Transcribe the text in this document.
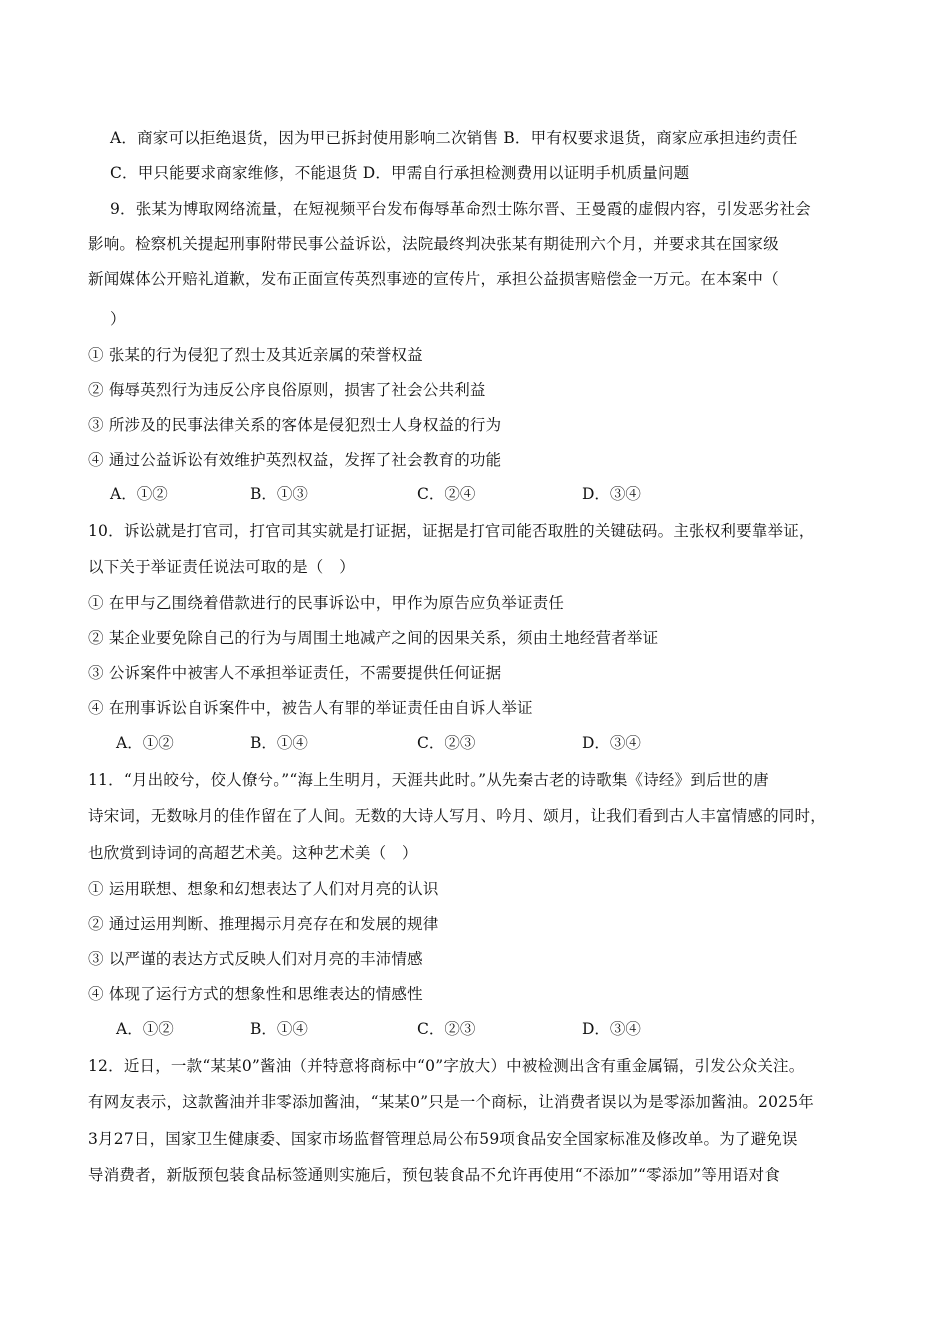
A．商家可以拒绝退货，因为甲已拆封使用影响二次销售 B．甲有权要求退货，商家应承担违约责任
C．甲只能要求商家维修，不能退货 D．甲需自行承担检测费用以证明手机质量问题
9．张某为博取网络流量，在短视频平台发布侮辱革命烈士陈尔晋、王曼霞的虚假内容，引发恶劣社会
影响。检察机关提起刑事附带民事公益诉讼，法院最终判决张某有期徒刑六个月，并要求其在国家级
新闻媒体公开赔礼道歉，发布正面宣传英烈事迹的宣传片，承担公益损害赔偿金一万元。在本案中（
）
① 张某的行为侵犯了烈士及其近亲属的荣誉权益
② 侮辱英烈行为违反公序良俗原则，损害了社会公共利益
③ 所涉及的民事法律关系的客体是侵犯烈士人身权益的行为
④ 通过公益诉讼有效维护英烈权益，发挥了社会教育的功能
A．①②	B．①③	C．②④	D．③④
10．诉讼就是打官司，打官司其实就是打证据，证据是打官司能否取胜的关键砝码。主张权利要靠举证，
以下关于举证责任说法可取的是（　）
① 在甲与乙围绕着借款进行的民事诉讼中，甲作为原告应负举证责任
② 某企业要免除自己的行为与周围土地减产之间的因果关系，须由土地经营者举证
③ 公诉案件中被害人不承担举证责任，不需要提供任何证据
④ 在刑事诉讼自诉案件中，被告人有罪的举证责任由自诉人举证
A．①②	B．①④	C．②③	D．③④
11．“月出皎兮，佼人僚兮。”“海上生明月，天涯共此时。”从先秦古老的诗歌集《诗经》到后世的唐
诗宋词，无数咏月的佳作留在了人间。无数的大诗人写月、吟月、颂月，让我们看到古人丰富情感的同时，
也欣赏到诗词的高超艺术美。这种艺术美（　）
① 运用联想、想象和幻想表达了人们对月亮的认识
② 通过运用判断、推理揭示月亮存在和发展的规律
③ 以严谨的表达方式反映人们对月亮的丰沛情感
④ 体现了运行方式的想象性和思维表达的情感性
A．①②	B．①④	C．②③	D．③④
12．近日，一款“某某0”酱油（并特意将商标中“0”字放大）中被检测出含有重金属镉，引发公众关注。
有网友表示，这款酱油并非零添加酱油，“某某0”只是一个商标，让消费者误以为是零添加酱油。2025年
3月27日，国家卫生健康委、国家市场监督管理总局公布59项食品安全国家标准及修改单。为了避免误
导消费者，新版预包装食品标签通则实施后，预包装食品不允许再使用“不添加”“零添加”等用语对食
